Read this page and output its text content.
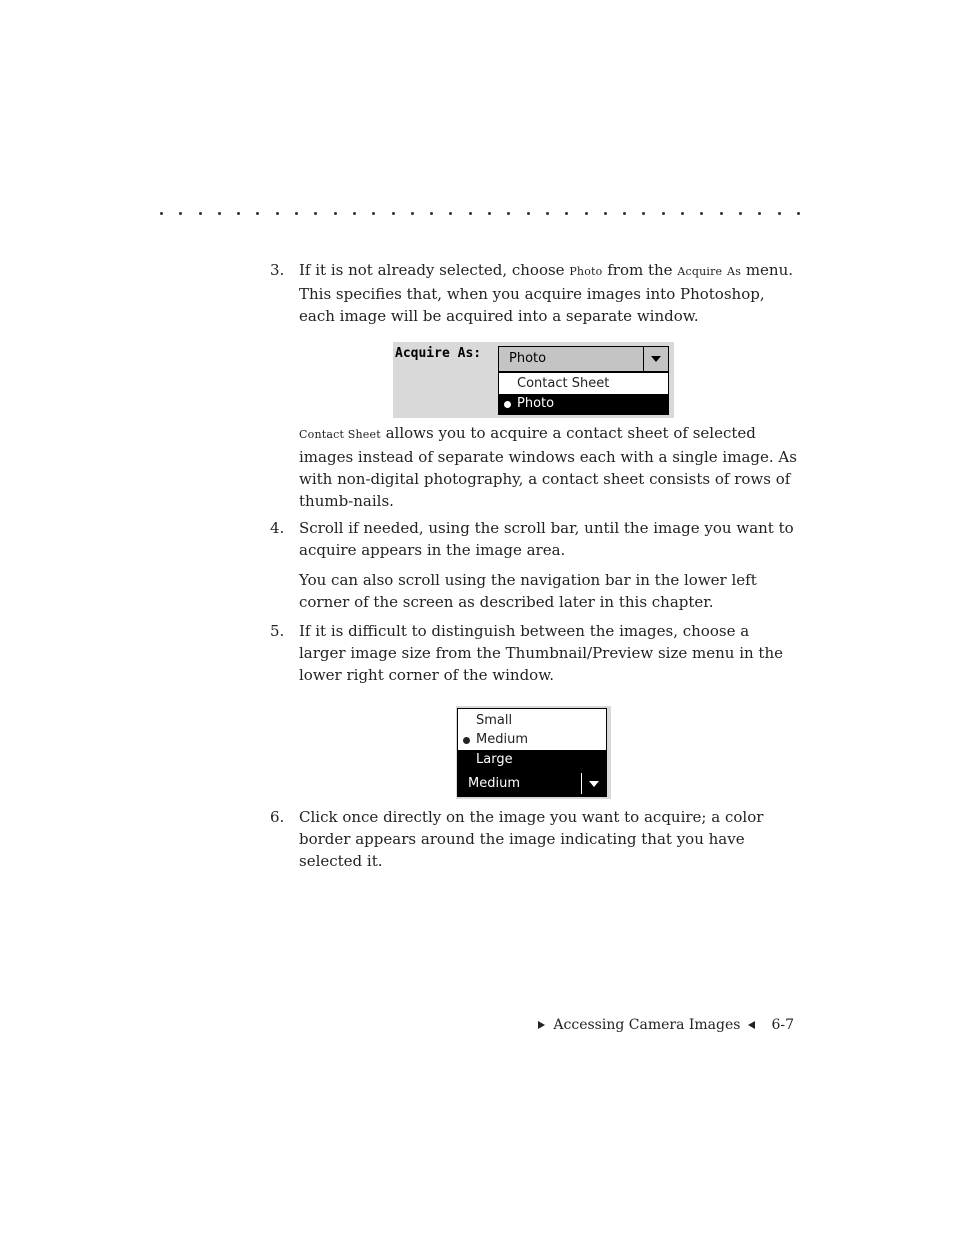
3. If it is not already selected, choose Photo from the Acquire As menu. This specifies that, when you acquire images into Photoshop, each image will be acquired into a separate window.
Acquire As: Photo
Contact Sheet
Photo
Contact Sheet allows you to acquire a contact sheet of selected images instead of separate windows each with a single image. As with non-digital photography, a contact sheet consists of rows of thumb-nails.
4. Scroll if needed, using the scroll bar, until the image you want to acquire appears in the image area.
You can also scroll using the navigation bar in the lower left corner of the screen as described later in this chapter.
5. If it is difficult to distinguish between the images, choose a larger image size from the Thumbnail/Preview size menu in the lower right corner of the window.
Small
Medium
Large
Medium
6. Click once directly on the image you want to acquire; a color border appears around the image indicating that you have selected it.
Accessing Camera Images 6-7
